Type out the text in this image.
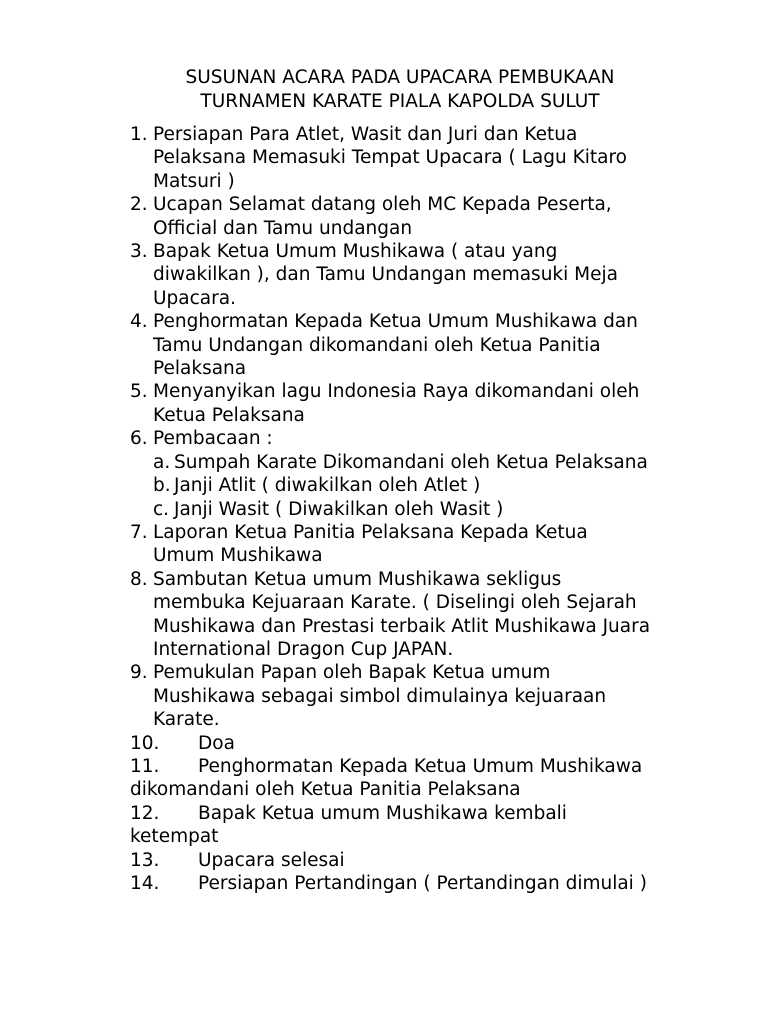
SUSUNAN ACARA PADA UPACARA PEMBUKAAN
TURNAMEN KARATE PIALA KAPOLDA SULUT
1. Persiapan Para Atlet, Wasit dan Juri dan Ketua
Pelaksana Memasuki Tempat Upacara ( Lagu Kitaro
Matsuri )
2. Ucapan Selamat datang oleh MC Kepada Peserta,
Official dan Tamu undangan
3. Bapak Ketua Umum Mushikawa ( atau yang
diwakilkan ), dan Tamu Undangan memasuki Meja
Upacara.
4. Penghormatan Kepada Ketua Umum Mushikawa dan
Tamu Undangan dikomandani oleh Ketua Panitia
Pelaksana
5. Menyanyikan lagu Indonesia Raya dikomandani oleh
Ketua Pelaksana
6. Pembacaan :
a. Sumpah Karate Dikomandani oleh Ketua Pelaksana
b. Janji Atlit ( diwakilkan oleh Atlet )
c. Janji Wasit ( Diwakilkan oleh Wasit )
7. Laporan Ketua Panitia Pelaksana Kepada Ketua
Umum Mushikawa
8. Sambutan Ketua umum Mushikawa sekligus
membuka Kejuaraan Karate. ( Diselingi oleh Sejarah
Mushikawa dan Prestasi terbaik Atlit Mushikawa Juara
International Dragon Cup JAPAN.
9. Pemukulan Papan oleh Bapak Ketua umum
Mushikawa sebagai simbol dimulainya kejuaraan
Karate.
10. Doa
11. Penghormatan Kepada Ketua Umum Mushikawa
dikomandani oleh Ketua Panitia Pelaksana
12. Bapak Ketua umum Mushikawa kembali
ketempat
13. Upacara selesai
14. Persiapan Pertandingan ( Pertandingan dimulai )
